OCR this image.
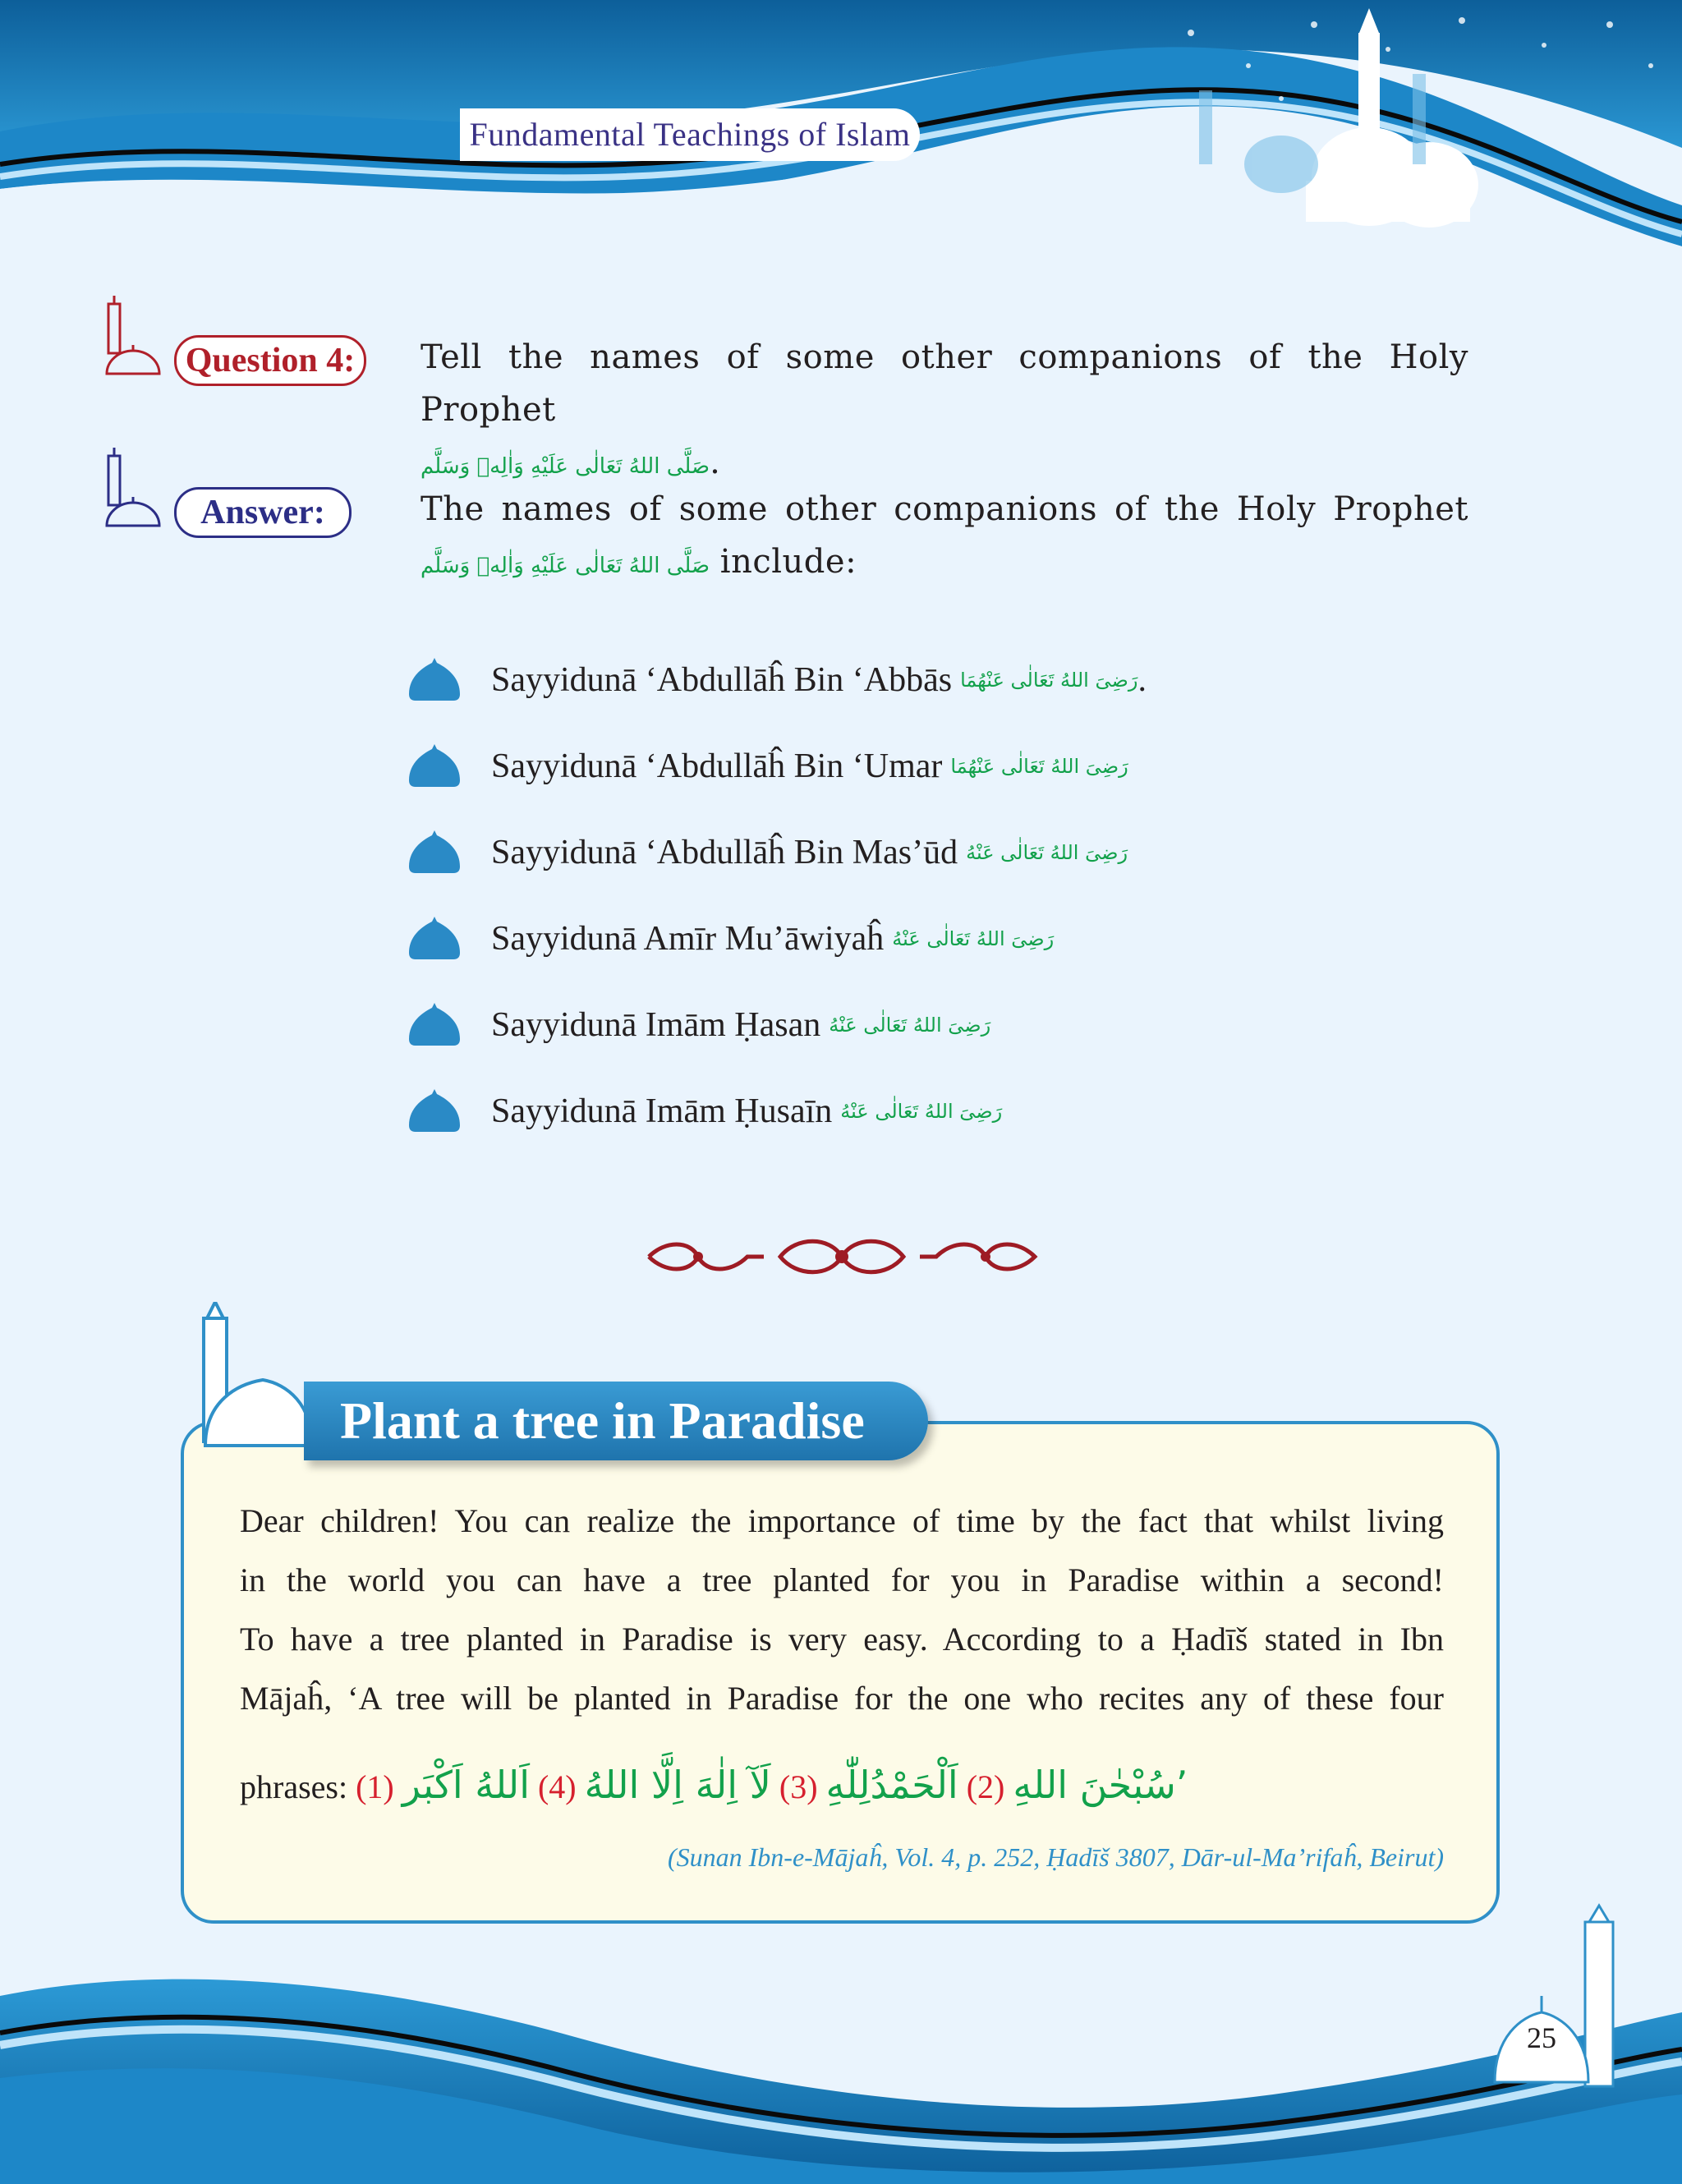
Fundamental Teachings of Islam
Question 4:	Tell the names of some other companions of the Holy Prophet
صَلَّى اللهُ تَعَالٰى عَلَيْهِ وَاٰلِهٖ وَسَلَّم.
Answer:	The names of some other companions of the Holy Prophet
صَلَّى اللهُ تَعَالٰى عَلَيْهِ وَاٰلِهٖ وَسَلَّم include:
Sayyidunā ʻAbdullāĥ Bin ʻAbbās رَضِىَ اللهُ تَعَالٰى عَنْهُمَا .
Sayyidunā ʻAbdullāĥ Bin ʻUmar رَضِىَ اللهُ تَعَالٰى عَنْهُمَا
Sayyidunā ʻAbdullāĥ Bin Mas’ūd رَضِىَ اللهُ تَعَالٰى عَنْهُ
Sayyidunā Amīr Mu’āwiyaĥ رَضِىَ اللهُ تَعَالٰى عَنْهُ
Sayyidunā Imām Ḥasan رَضِىَ اللهُ تَعَالٰى عَنْهُ
Sayyidunā Imām Ḥusaīn رَضِىَ اللهُ تَعَالٰى عَنْهُ
Plant a tree in Paradise
Dear children! You can realize the importance of time by the fact that whilst living
in the world you can have a tree planted for you in Paradise within a second!
To have a tree planted in Paradise is very easy. According to a Ḥadīš stated in Ibn
Mājaĥ, ‘A tree will be planted in Paradise for the one who recites any of these four
phrases: (1)	سُبْحٰنَ اللهِ (2) اَلْحَمْدُلِلّٰهِ (3) لَآ اِلٰهَ اِلَّا اللهُ (4) اَللهُ اَكْبَر’
(Sunan Ibn-e-Mājaĥ, Vol. 4, p. 252, Ḥadīš 3807, Dār-ul-Ma’rifaĥ, Beirut)
25
